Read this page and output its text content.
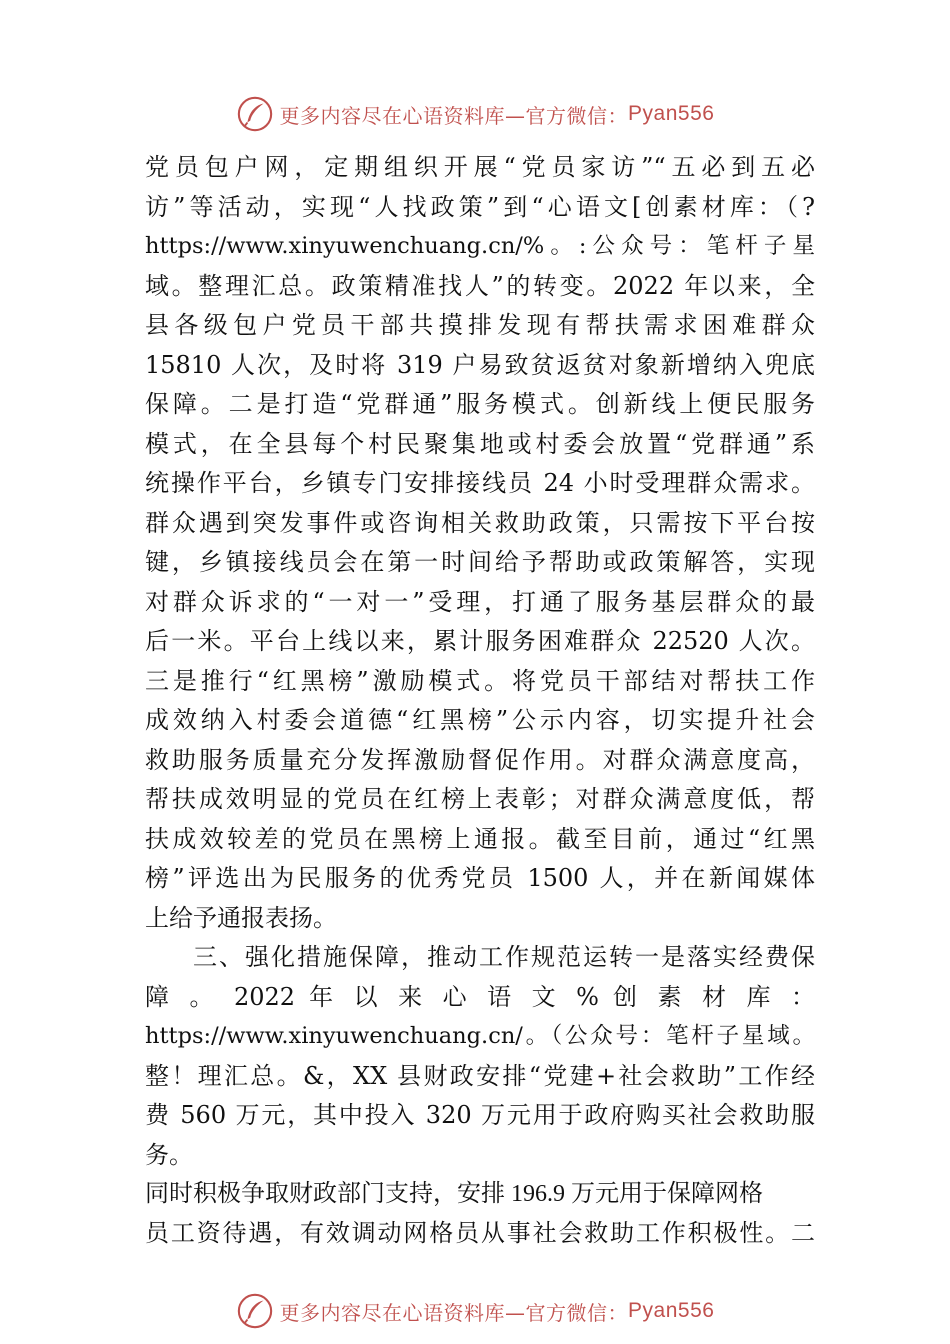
更多内容尽在心语资料库—官方微信： Pyan556
党员包户网，定期组织开展“党员家访”“五必到五必
访”等活动，实现“人找政策”到“心语文[创素材库：（?
https://www.xinyuwenchuang.cn/%。:公众号：笔杆子星
域。整理汇总。政策精准找人”的转变。2022 年以来，全
县各级包户党员干部共摸排发现有帮扶需求困难群众
15810 人次，及时将 319 户易致贫返贫对象新增纳入兜底
保障。二是打造“党群通”服务模式。创新线上便民服务
模式，在全县每个村民聚集地或村委会放置“党群通”系
统操作平台，乡镇专门安排接线员 24 小时受理群众需求。
群众遇到突发事件或咨询相关救助政策，只需按下平台按
键，乡镇接线员会在第一时间给予帮助或政策解答，实现
对群众诉求的“一对一”受理，打通了服务基层群众的最
后一米。平台上线以来，累计服务困难群众 22520 人次。
三是推行“红黑榜”激励模式。将党员干部结对帮扶工作
成效纳入村委会道德“红黑榜”公示内容，切实提升社会
救助服务质量充分发挥激励督促作用。对群众满意度高，
帮扶成效明显的党员在红榜上表彰；对群众满意度低，帮
扶成效较差的党员在黑榜上通报。截至目前，通过“红黑
榜”评选出为民服务的优秀党员 1500 人，并在新闻媒体
上给予通报表扬。
三、强化措施保障，推动工作规范运转一是落实经费保
障 。 2022 年 以 来 心 语 文 % 创 素 材 库 ：
https://www.xinyuwenchuang.cn/。（公众号：笔杆子星域。
整！理汇总。&，XX 县财政安排“党建+社会救助”工作经
费 560 万元，其中投入 320 万元用于政府购买社会救助服
务。
同时积极争取财政部门支持，安排 196.9 万元用于保障网格
员工资待遇，有效调动网格员从事社会救助工作积极性。二
更多内容尽在心语资料库—官方微信： Pyan556
